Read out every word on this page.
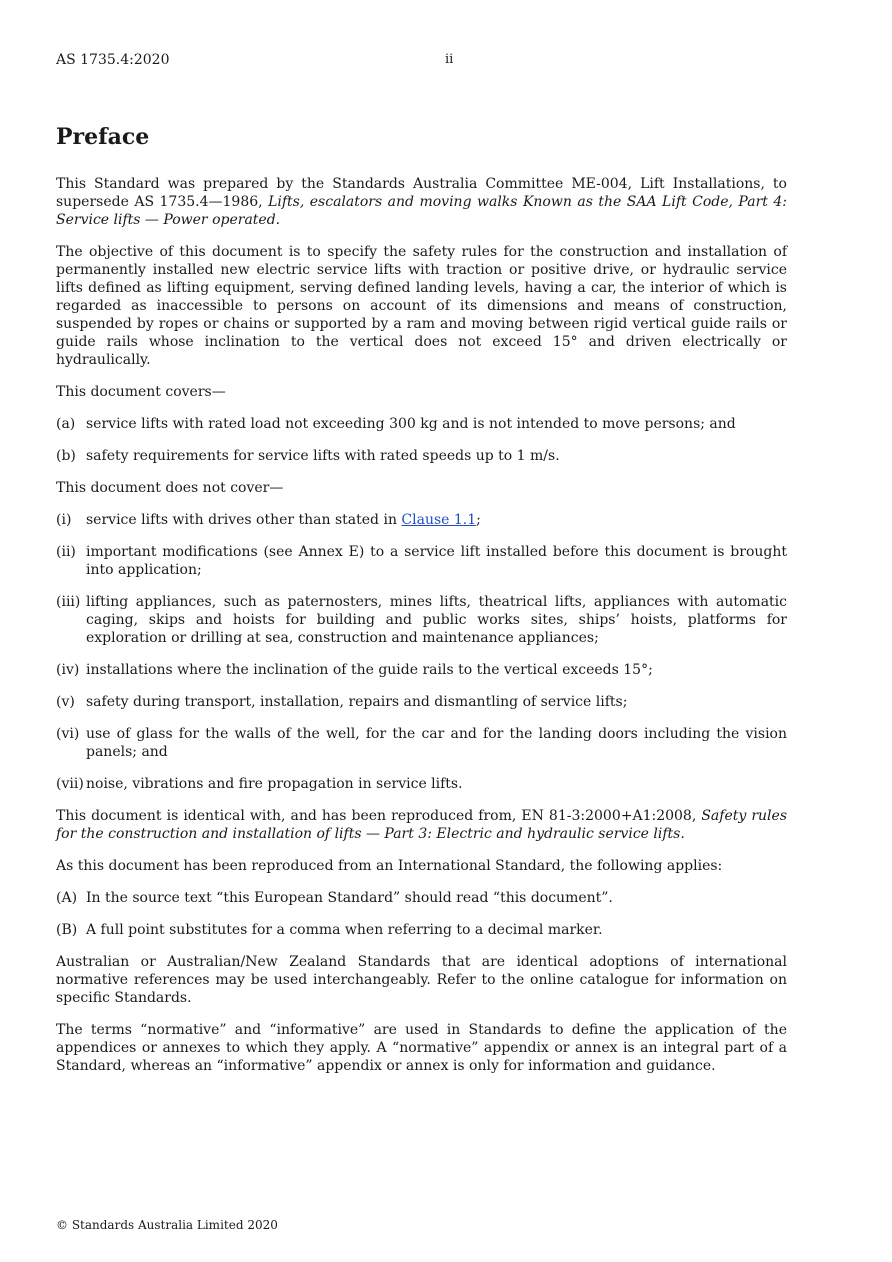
AS 1735.4:2020	ii
Preface

This Standard was prepared by the Standards Australia Committee ME-004, Lift Installations, to supersede AS 1735.4—1986, Lifts, escalators and moving walks Known as the SAA Lift Code, Part 4: Service lifts — Power operated.

The objective of this document is to specify the safety rules for the construction and installation of permanently installed new electric service lifts with traction or positive drive, or hydraulic service lifts defined as lifting equipment, serving defined landing levels, having a car, the interior of which is regarded as inaccessible to persons on account of its dimensions and means of construction, suspended by ropes or chains or supported by a ram and moving between rigid vertical guide rails or guide rails whose inclination to the vertical does not exceed 15° and driven electrically or hydraulically.

This document covers—

(a) service lifts with rated load not exceeding 300 kg and is not intended to move persons; and
(b) safety requirements for service lifts with rated speeds up to 1 m/s.

This document does not cover—

(i)	service lifts with drives other than stated in Clause 1.1;
(ii) important modifications (see Annex E) to a service lift installed before this document is brought into application;
(iii) lifting appliances, such as paternosters, mines lifts, theatrical lifts, appliances with automatic caging, skips and hoists for building and public works sites, ships’ hoists, platforms for exploration or drilling at sea, construction and maintenance appliances;
(iv) installations where the inclination of the guide rails to the vertical exceeds 15°;
(v) safety during transport, installation, repairs and dismantling of service lifts;
(vi) use of glass for the walls of the well, for the car and for the landing doors including the vision panels; and
(vii) noise, vibrations and fire propagation in service lifts.

This document is identical with, and has been reproduced from, EN 81-3:2000+A1:2008, Safety rules for the construction and installation of lifts — Part 3: Electric and hydraulic service lifts.

As this document has been reproduced from an International Standard, the following applies:

(A) In the source text “this European Standard” should read “this document”.
(B) A full point substitutes for a comma when referring to a decimal marker.

Australian or Australian/New Zealand Standards that are identical adoptions of international normative references may be used interchangeably. Refer to the online catalogue for information on specific Standards.

The terms “normative” and “informative” are used in Standards to define the application of the appendices or annexes to which they apply. A “normative” appendix or annex is an integral part of a Standard, whereas an “informative” appendix or annex is only for information and guidance.

© Standards Australia Limited 2020
